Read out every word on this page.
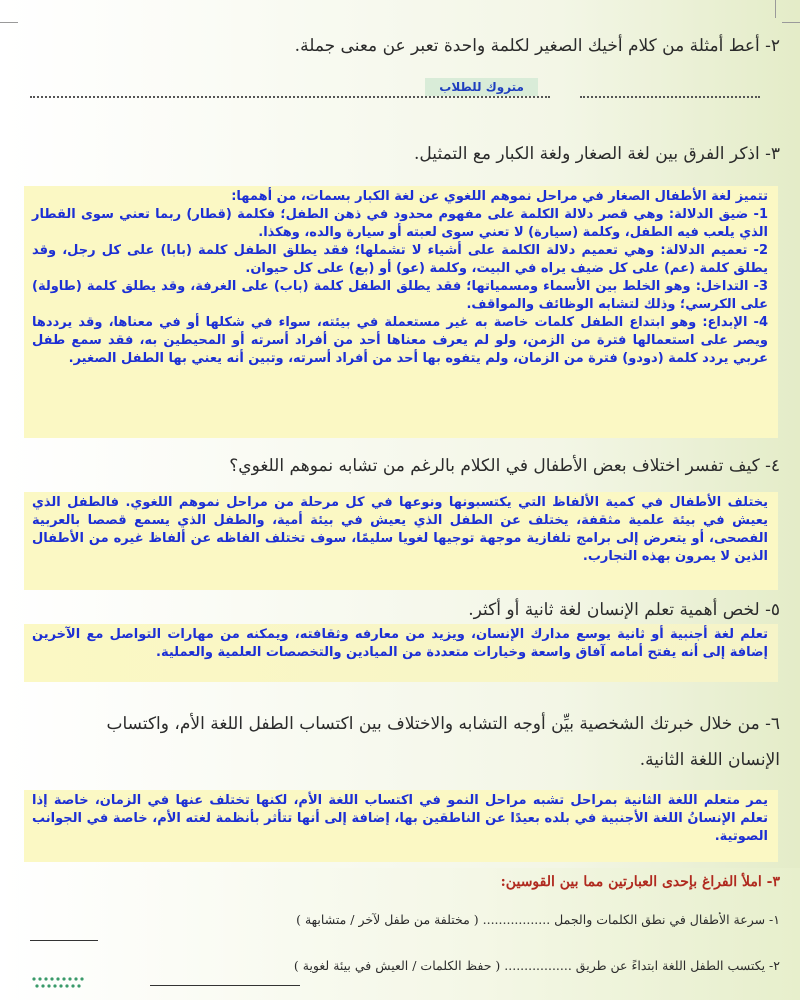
٢- أعط أمثلة من كلام أخيك الصغير لكلمة واحدة تعبر عن معنى جملة.
متروك للطلاب
٣- اذكر الفرق بين لغة الصغار ولغة الكبار مع التمثيل.

تتميز لغة الأطفال الصغار في مراحل نموهم اللغوي عن لغة الكبار بسمات، من أهمها:

1- ضيق الدلالة: وهي قصر دلالة الكلمة على مفهوم محدود في ذهن الطفل؛ فكلمة (قطار) ربما تعني سوى القطار الذي يلعب فيه الطفل، وكلمة (سيارة) لا تعني سوى لعبته أو سيارة والده، وهكذا.

2- تعميم الدلالة: وهي تعميم دلالة الكلمة على أشياء لا تشملها؛ فقد يطلق الطفل كلمة (بابا) على كل رجل، وقد يطلق كلمة (عم) على كل ضيف يراه في البيت، وكلمة (عو) أو (بع) على كل حيوان.

3- التداخل: وهو الخلط بين الأسماء ومسمياتها؛ فقد يطلق الطفل كلمة (باب) على الغرفة، وقد يطلق كلمة (طاولة) على الكرسي؛ وذلك لتشابه الوظائف والمواقف.

4- الإبداع: وهو ابتداع الطفل كلمات خاصة به غير مستعملة في بيئته، سواء في شكلها أو في معناها، وقد يرددها ويصر على استعمالها فترة من الزمن، ولو لم يعرف معناها أحد من أفراد أسرته أو المحيطين به، فقد سمع طفل عربي يردد كلمة (دودو) فترة من الزمان، ولم يتفوه بها أحد من أفراد أسرته، وتبين أنه يعني بها الطفل الصغير.

٤- كيف تفسر اختلاف بعض الأطفال في الكلام بالرغم من تشابه نموهم اللغوي؟

يختلف الأطفال في كمية الألفاظ التي يكتسبونها ونوعها في كل مرحلة من مراحل نموهم اللغوي. فالطفل الذي يعيش في بيئة علمية مثقفة، يختلف عن الطفل الذي يعيش في بيئة أمية، والطفل الذي يسمع قصصا بالعربية الفصحى، أو يتعرض إلى برامج تلفازية موجهة توجيها لغويا سليمًا، سوف تختلف الفاظه عن ألفاظ غيره من الأطفال الذين لا يمرون بهذه التجارب.

٥- لخص أهمية تعلم الإنسان لغة ثانية أو أكثر.

تعلم لغة أجنبية أو ثانية يوسع مدارك الإنسان، ويزيد من معارفه وثقافته، ويمكنه من مهارات التواصل مع الآخرين إضافة إلى أنه يفتح أمامه آفاق واسعة وخيارات متعددة من الميادين والتخصصات العلمية والعملية.

٦- من خلال خبرتك الشخصية بيِّن أوجه التشابه والاختلاف بين اكتساب الطفل اللغة الأم، واكتساب
الإنسان اللغة الثانية.

يمر متعلم اللغة الثانية بمراحل تشبه مراحل النمو في اكتساب اللغة الأم، لكنها تختلف عنها في الزمان، خاصة إذا تعلم الإنسانُ اللغة الأجنبية في بلده بعيدًا عن الناطقين بها، إضافة إلى أنها تتأثر بأنظمة لغته الأم، خاصة في الجوانب الصوتية.

٣- املأ الفراغ بإحدى العبارتين مما بين القوسين:
١- سرعة الأطفال في نطق الكلمات والجمل ................. ( مختلفة من طفل لآخر / متشابهة )
٢- يكتسب الطفل اللغة ابتداءً عن طريق ................. ( حفظ الكلمات / العيش في بيئة لغوية )
